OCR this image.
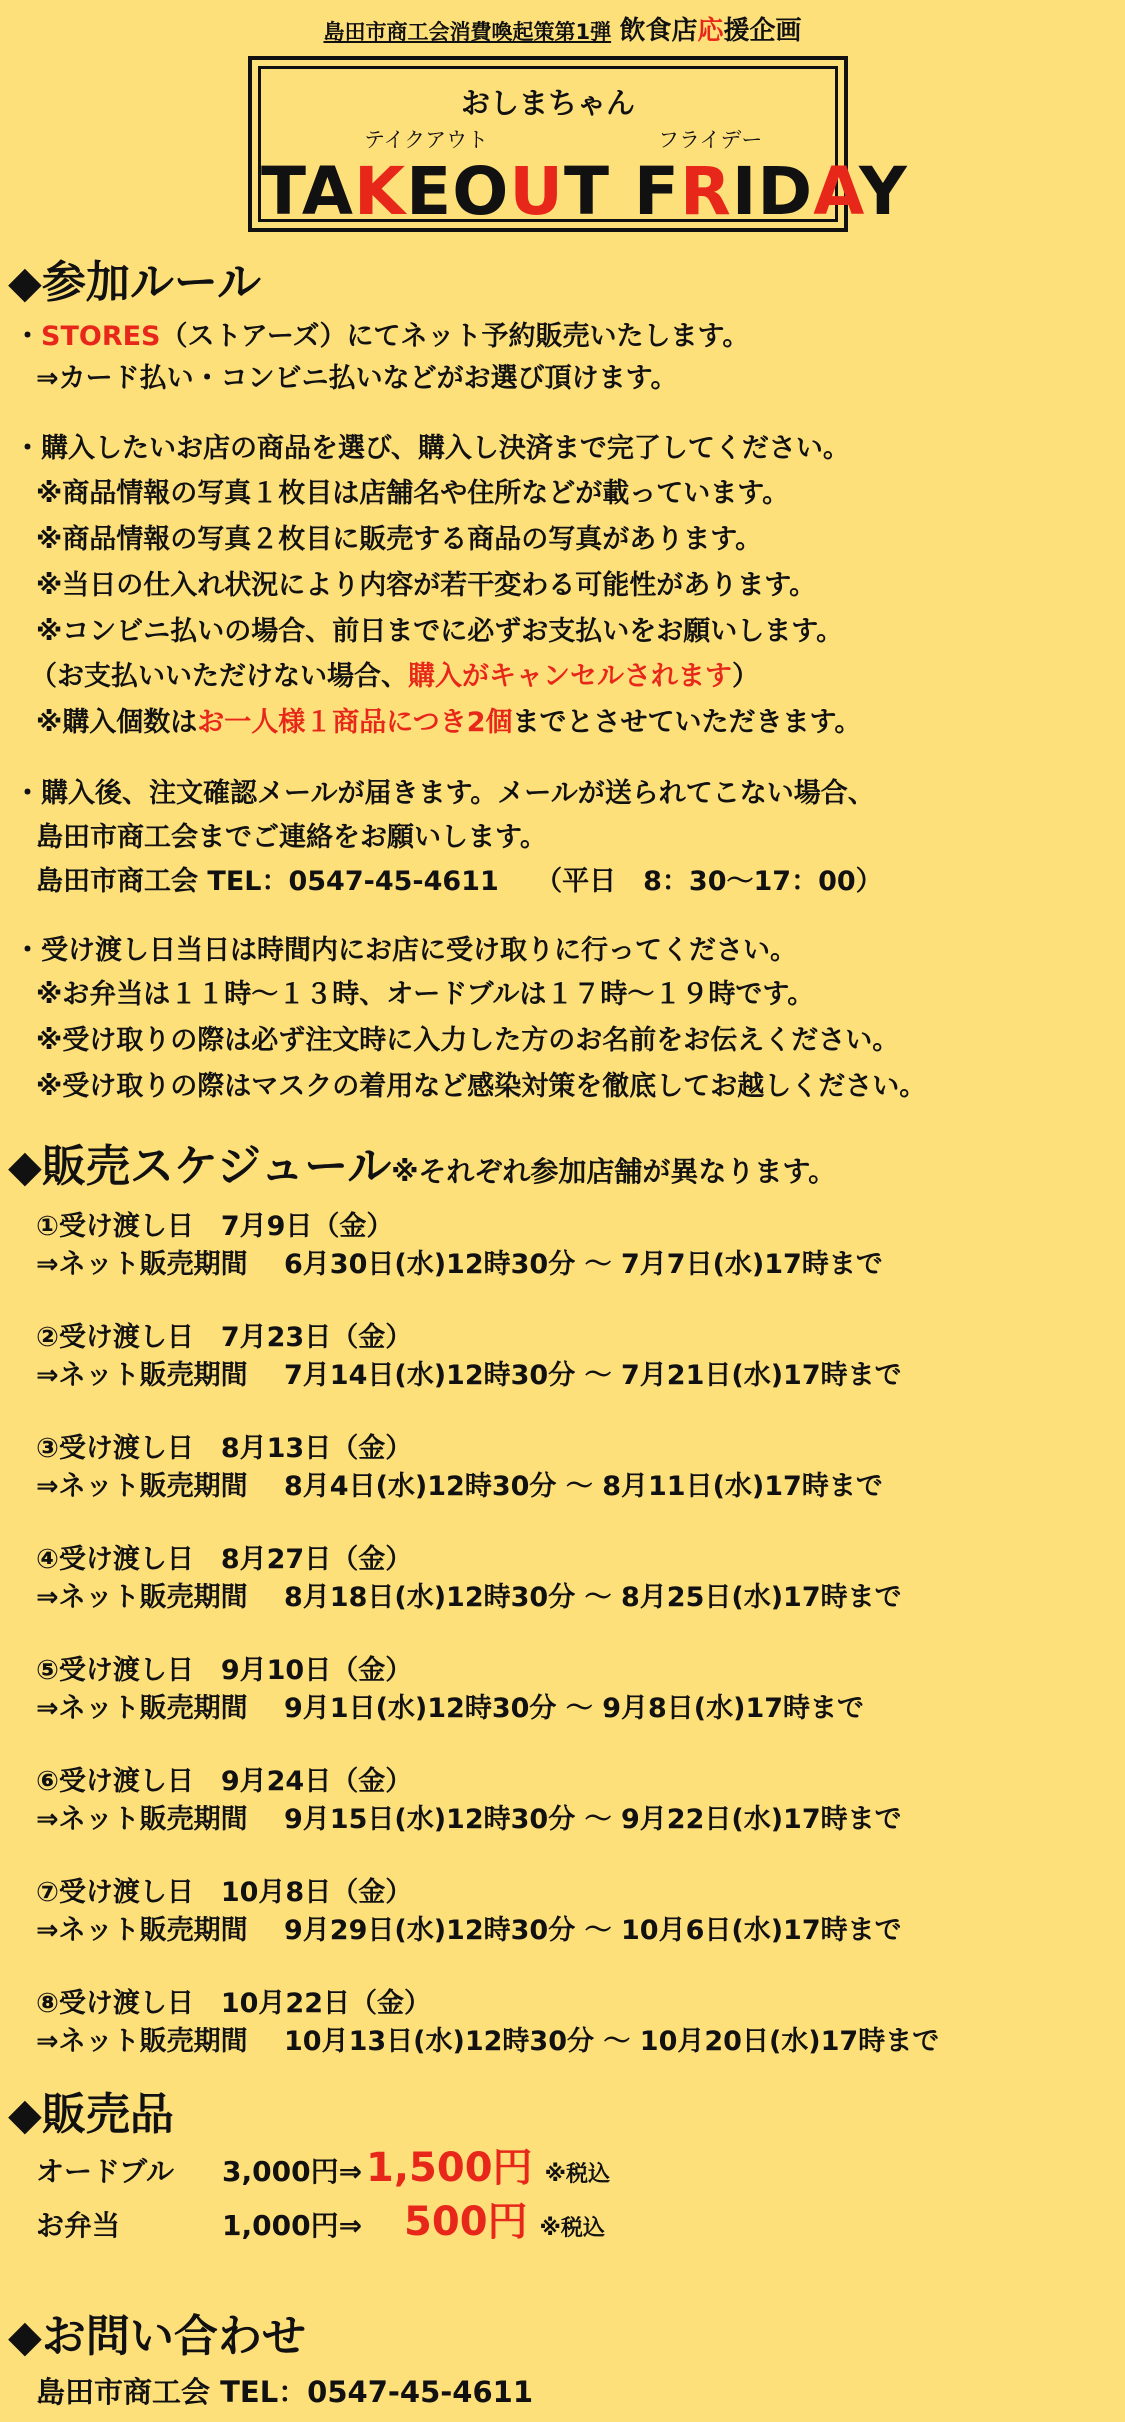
島田市商工会消費喚起策第1弾 飲食店応援企画
おしまちゃん
テイクアウト	フライデー
TAKEOUT FRIDAY
◆参加ルール
・STORES（ストアーズ）にてネット予約販売いたします。
⇒カード払い・コンビニ払いなどがお選び頂けます。
・購入したいお店の商品を選び、購入し決済まで完了してください。
※商品情報の写真１枚目は店舗名や住所などが載っています。
※商品情報の写真２枚目に販売する商品の写真があります。
※当日の仕入れ状況により内容が若干変わる可能性があります。
※コンビニ払いの場合、前日までに必ずお支払いをお願いします。
（お支払いいただけない場合、購入がキャンセルされます）
※購入個数はお一人様１商品につき2個までとさせていただきます。
・購入後、注文確認メールが届きます。メールが送られてこない場合、
島田市商工会までご連絡をお願いします。
島田市商工会 TEL：0547-45-4611　 （平日　8：30～17：00）
・受け渡し日当日は時間内にお店に受け取りに行ってください。
※お弁当は１１時～１３時、オードブルは１７時～１９時です。
※受け取りの際は必ず注文時に入力した方のお名前をお伝えください。
※受け取りの際はマスクの着用など感染対策を徹底してお越しください。
◆販売スケジュール※それぞれ参加店舗が異なります。
①受け渡し日　7月9日（金）
⇒ネット販売期間　 6月30日(水)12時30分 ～ 7月7日(水)17時まで
②受け渡し日　7月23日（金）
⇒ネット販売期間　 7月14日(水)12時30分 ～ 7月21日(水)17時まで
③受け渡し日　8月13日（金）
⇒ネット販売期間　 8月4日(水)12時30分 ～ 8月11日(水)17時まで
④受け渡し日　8月27日（金）
⇒ネット販売期間　 8月18日(水)12時30分 ～ 8月25日(水)17時まで
⑤受け渡し日　9月10日（金）
⇒ネット販売期間　 9月1日(水)12時30分 ～ 9月8日(水)17時まで
⑥受け渡し日　9月24日（金）
⇒ネット販売期間　 9月15日(水)12時30分 ～ 9月22日(水)17時まで
⑦受け渡し日　10月8日（金）
⇒ネット販売期間　 9月29日(水)12時30分 ～ 10月6日(水)17時まで
⑧受け渡し日　10月22日（金）
⇒ネット販売期間　 10月13日(水)12時30分 ～ 10月20日(水)17時まで
◆販売品
オードブル 3,000円⇒ 1,500円 ※税込
お弁当	1,000円⇒ 500円 ※税込
◆お問い合わせ
島田市商工会 TEL：0547-45-4611
